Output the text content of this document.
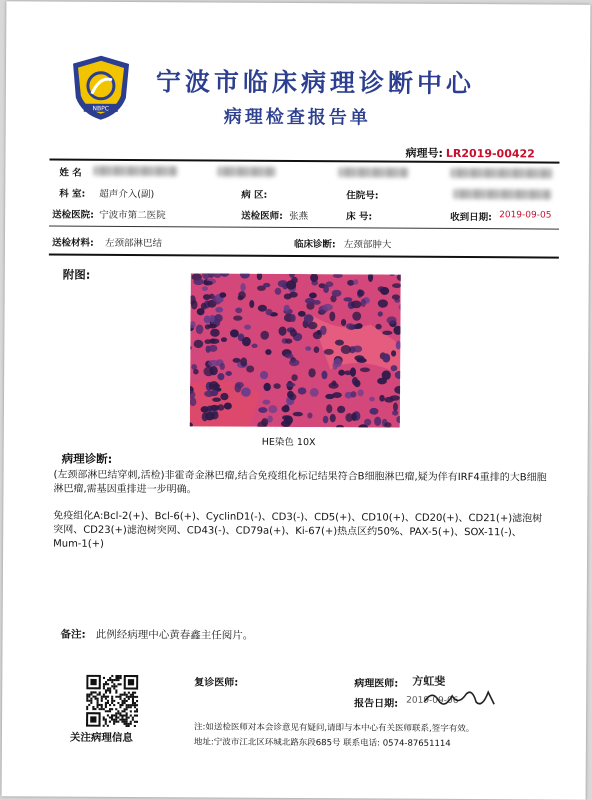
NBPC
宁波市临床病理诊断中心
病理检查报告单
病理号: LR2019-00422
姓 名
科 室: 超声介入(副)	病 区:	住院号:
送检医院: 宁波市第二医院	送检医师: 张燕	床 号:	收到日期: 2019-09-05
送检材料: 左颈部淋巴结	临床诊断: 左颈部肿大
附图:
HE染色 10X
病理诊断:
(左颈部淋巴结穿刺,活检)非霍奇金淋巴瘤,结合免疫组化标记结果符合B细胞淋巴瘤,疑为伴有IRF4重排的大B细胞淋巴瘤,需基因重排进一步明确。
免疫组化A:Bcl-2(+)、Bcl-6(+)、CyclinD1(-)、CD3(-)、CD5(+)、CD10(+)、CD20(+)、CD21(+)滤泡树突网、CD23(+)滤泡树突网、CD43(-)、CD79a(+)、Ki-67(+)热点区约50%、PAX-5(+)、SOX-11(-)、Mum-1(+)
备注: 此例经病理中心黄春鑫主任阅片。
关注病理信息
复诊医师:	病理医师: 方虹斐
报告日期: 2019-09-06
注:如送检医师对本会诊意见有疑问,请即与本中心有关医师联系,签字有效。
地址:宁波市江北区环城北路东段685号 联系电话: 0574-87651114
